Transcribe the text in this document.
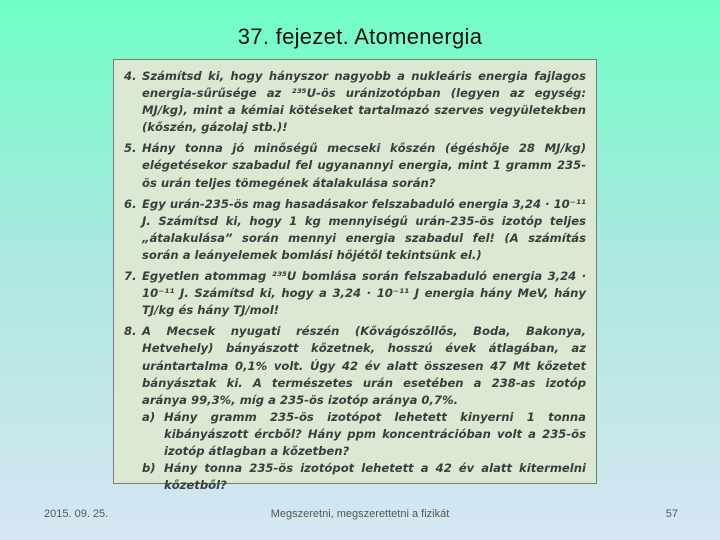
37. fejezet. Atomenergia
4. Számítsd ki, hogy hányszor nagyobb a nukleáris energia fajlagos energia-sűrűsége az ²³⁵U-ös uránizotópban (legyen az egység: MJ/kg), mint a kémiai kötéseket tartalmazó szerves vegyületekben (kőszén, gázolaj stb.)!
5. Hány tonna jó minőségű mecseki kőszén (égéshője 28 MJ/kg) elégetésekor szabadul fel ugyanannyi energia, mint 1 gramm 235-ös urán teljes tömegének átalakulása során?
6. Egy urán-235-ös mag hasadásakor felszabaduló energia 3,24 · 10⁻¹¹ J. Számítsd ki, hogy 1 kg mennyiségű urán-235-ös izotóp teljes „átalakulása” során mennyi energia szabadul fel! (A számítás során a leányelemek bomlási hőjétől tekintsünk el.)
7. Egyetlen atommag ²³⁵U bomlása során felszabaduló energia 3,24 · 10⁻¹¹ J. Számítsd ki, hogy a 3,24 · 10⁻¹¹ J energia hány MeV, hány TJ/kg és hány TJ/mol!
8. A Mecsek nyugati részén (Kővágószőllős, Boda, Bakonya, Hetvehely) bányászott kőzetnek, hosszú évek átlagában, az urántartalma 0,1% volt. Úgy 42 év alatt összesen 47 Mt kőzetet bányásztak ki. A természetes urán esetében a 238-as izotóp aránya 99,3%, míg a 235-ös izotóp aránya 0,7%.
a) Hány gramm 235-ös izotópot lehetett kinyerni 1 tonna kibányászott ércből? Hány ppm koncentrációban volt a 235-ös izotóp átlagban a kőzetben?
b) Hány tonna 235-ös izotópot lehetett a 42 év alatt kitermelni kőzetből?
2015. 09. 25.	Megszeretni, megszerettetni a fizikát	57
